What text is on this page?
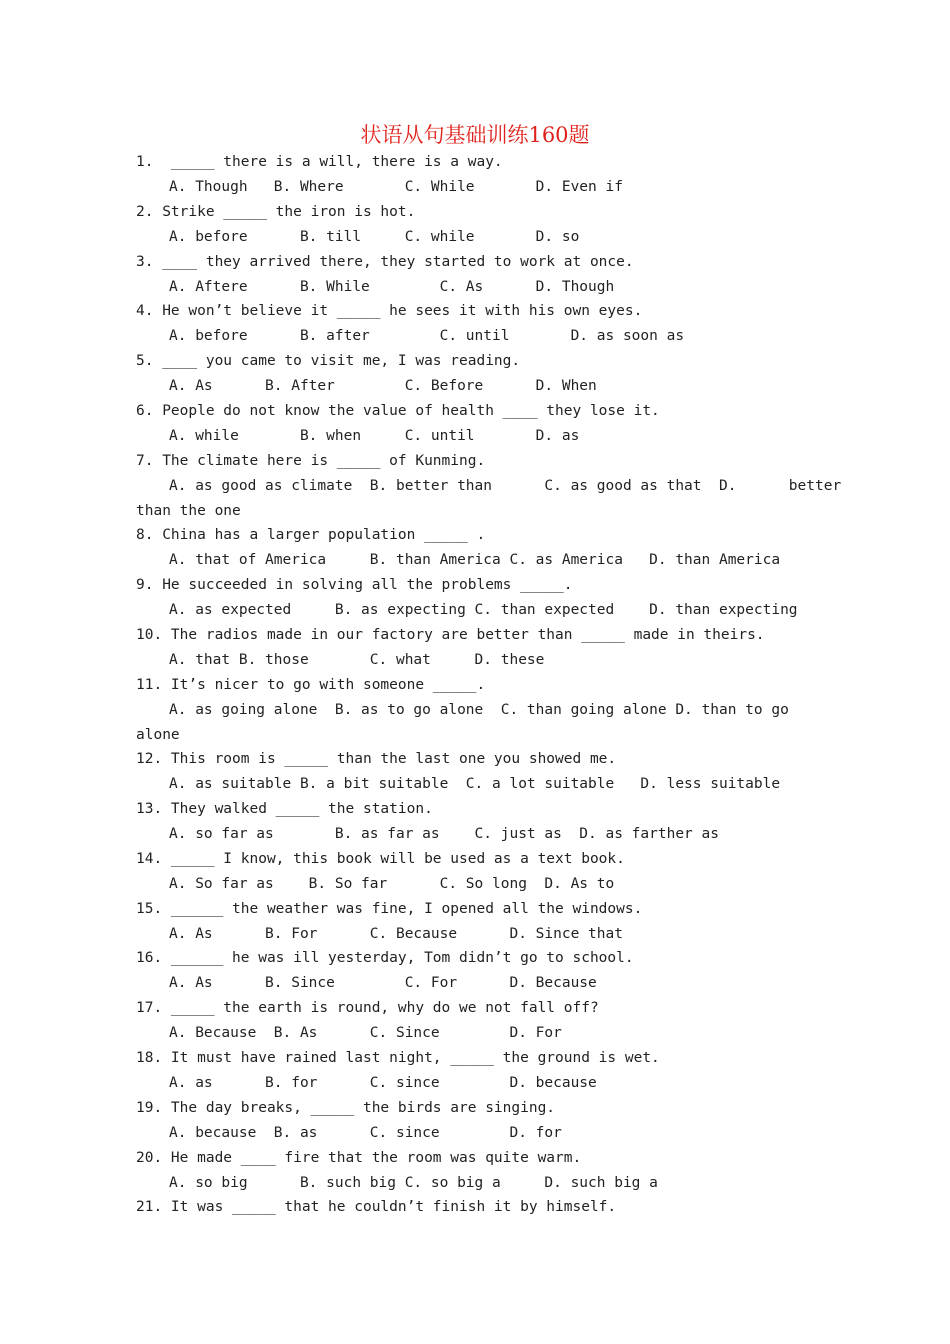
状语从句基础训练160题
1.  _____ there is a will, there is a way.
A. Though   B. Where       C. While       D. Even if
2. Strike _____ the iron is hot.
A. before      B. till     C. while       D. so
3. ____ they arrived there, they started to work at once.
A. Aftere      B. While        C. As      D. Though
4. He won’t believe it _____ he sees it with his own eyes.
A. before      B. after        C. until       D. as soon as
5. ____ you came to visit me, I was reading.
A. As      B. After        C. Before      D. When
6. People do not know the value of health ____ they lose it.
A. while       B. when     C. until       D. as
7. The climate here is _____ of Kunming.
A. as good as climate  B. better than      C. as good as that  D.      better
than the one
8. China has a larger population _____ .
A. that of America     B. than America C. as America   D. than America
9. He succeeded in solving all the problems _____.
A. as expected     B. as expecting C. than expected    D. than expecting
10. The radios made in our factory are better than _____ made in theirs.
A. that B. those       C. what     D. these
11. It’s nicer to go with someone _____.
A. as going alone  B. as to go alone  C. than going alone D. than to go
alone
12. This room is _____ than the last one you showed me.
A. as suitable B. a bit suitable  C. a lot suitable   D. less suitable
13. They walked _____ the station.
A. so far as       B. as far as    C. just as  D. as farther as
14. _____ I know, this book will be used as a text book.
A. So far as    B. So far      C. So long  D. As to
15. ______ the weather was fine, I opened all the windows.
A. As      B. For      C. Because      D. Since that
16. ______ he was ill yesterday, Tom didn’t go to school.
A. As      B. Since        C. For      D. Because
17. _____ the earth is round, why do we not fall off?
A. Because  B. As      C. Since        D. For
18. It must have rained last night, _____ the ground is wet.
A. as      B. for      C. since        D. because
19. The day breaks, _____ the birds are singing.
A. because  B. as      C. since        D. for
20. He made ____ fire that the room was quite warm.
A. so big      B. such big C. so big a     D. such big a
21. It was _____ that he couldn’t finish it by himself.
